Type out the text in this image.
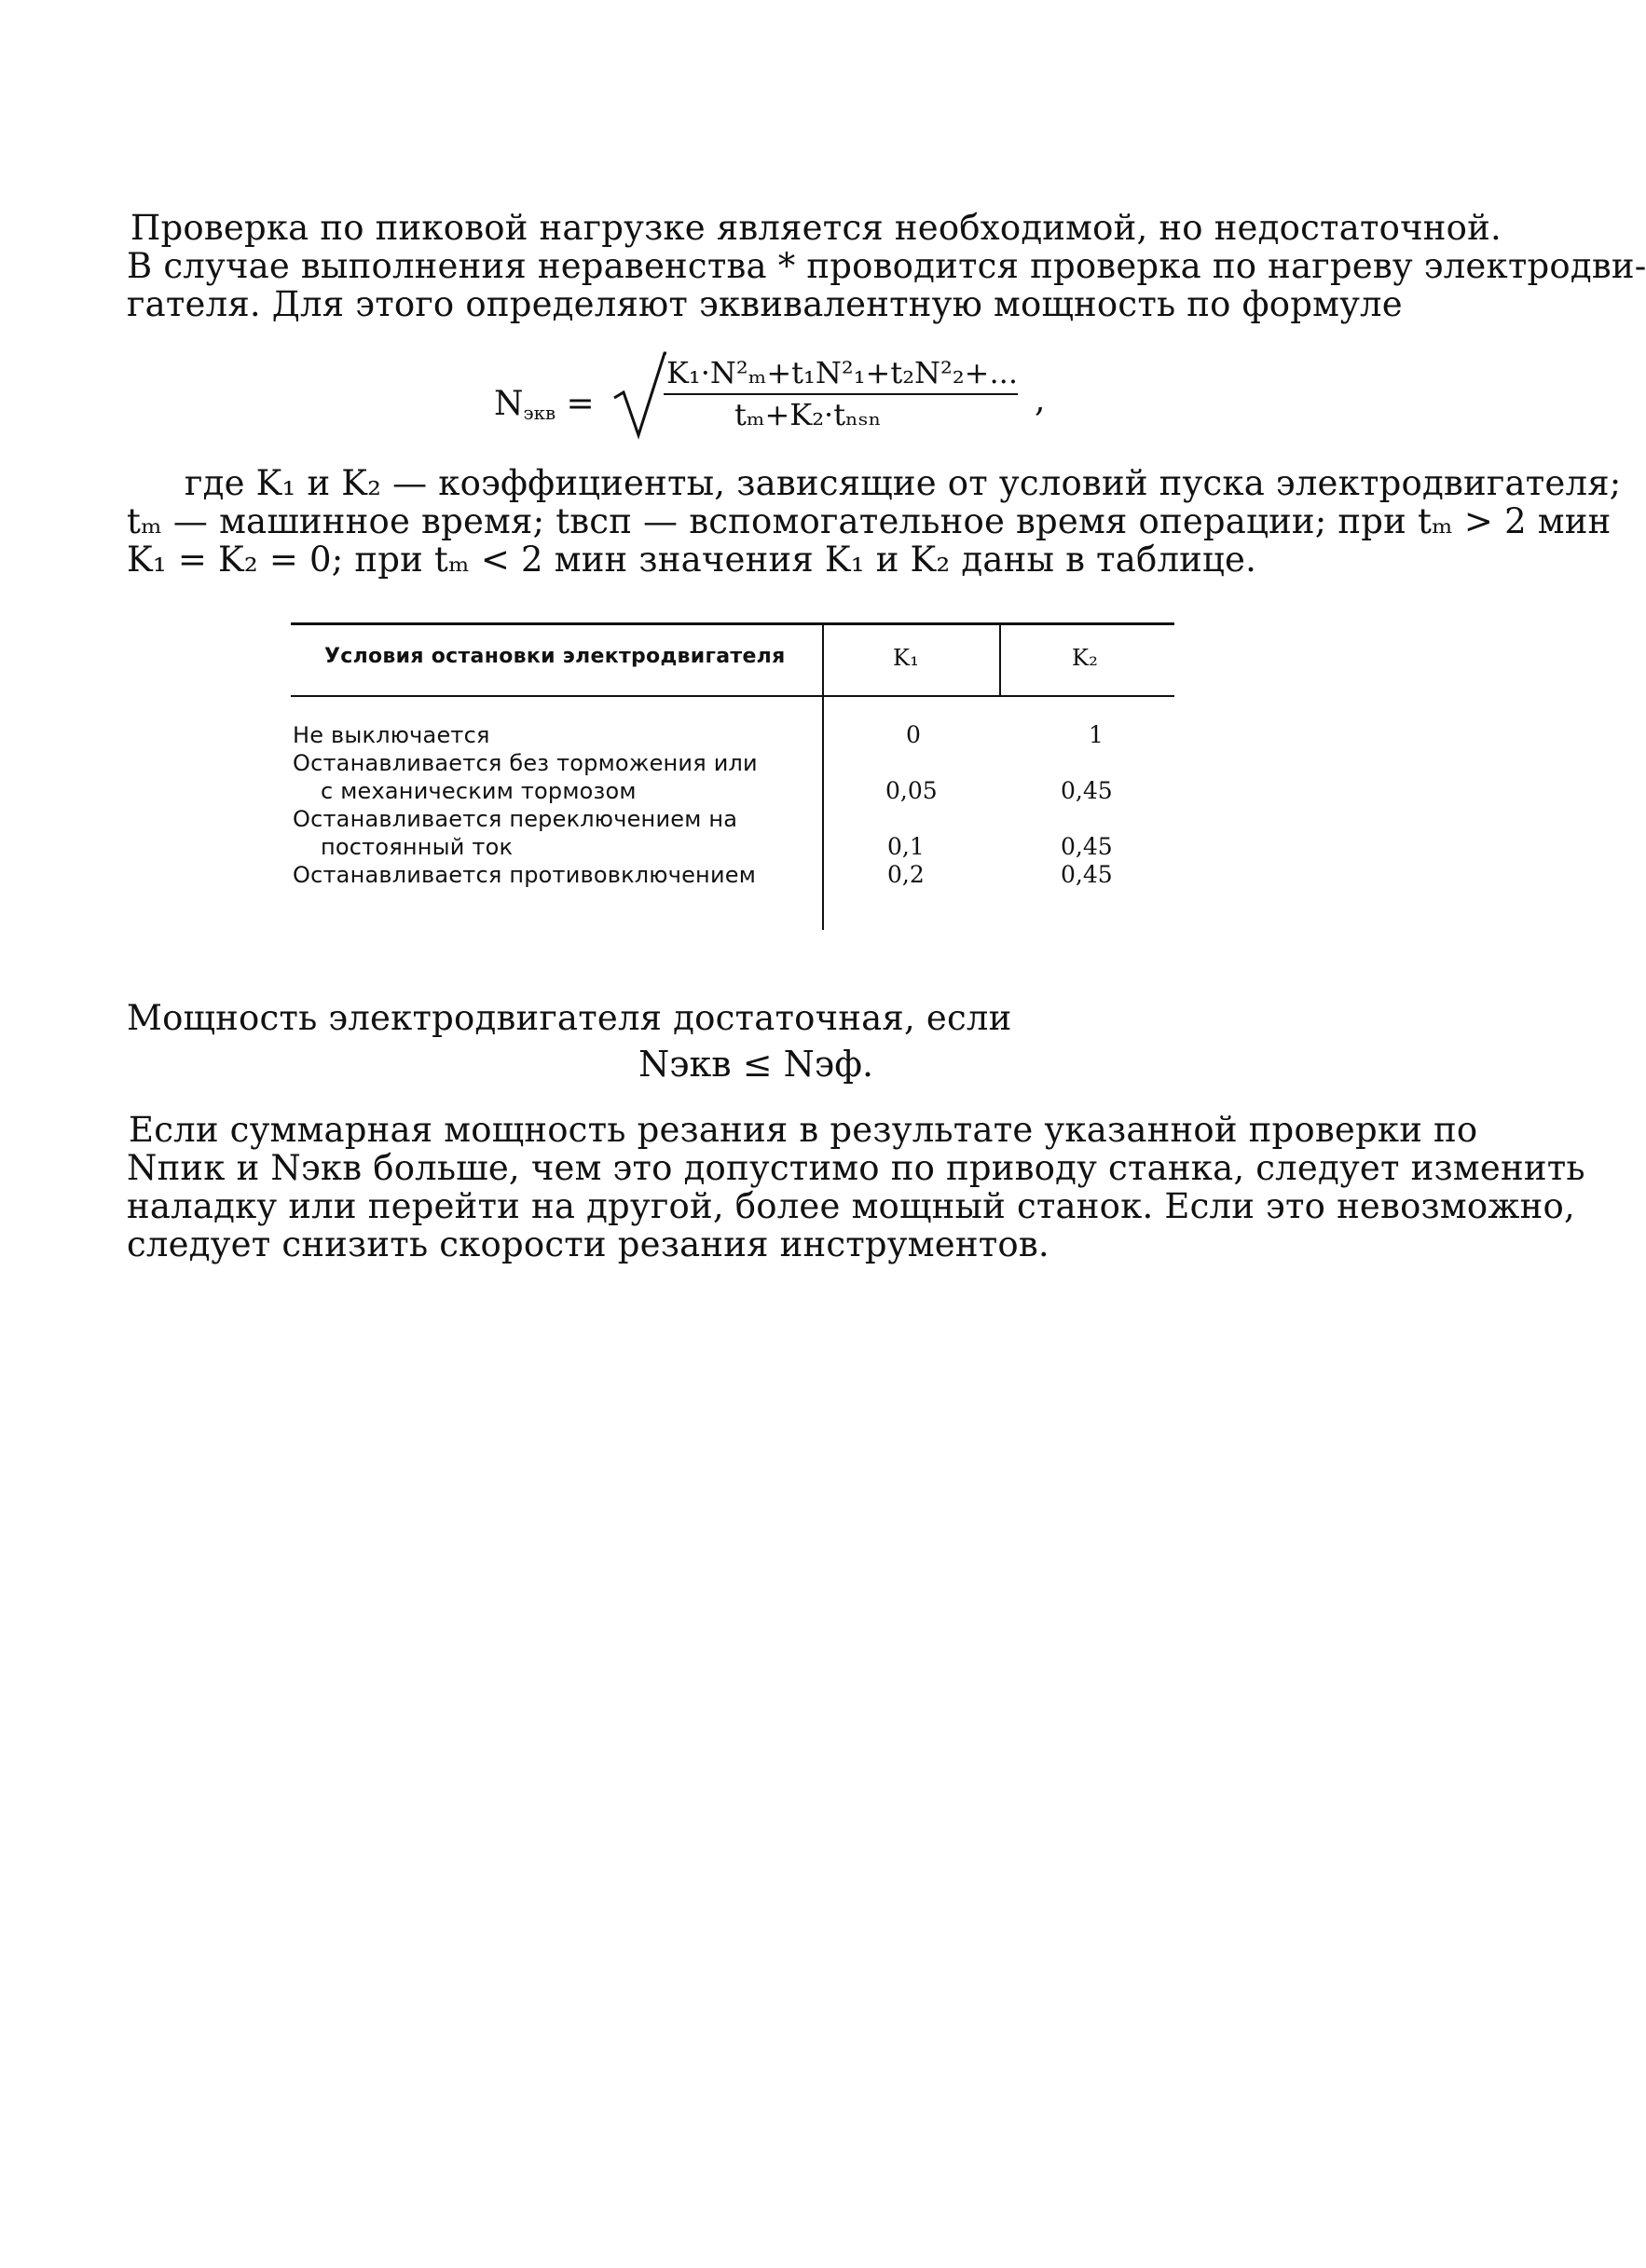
Проверка по пиковой нагрузке является необходимой, но недостаточной.
В случае выполнения неравенства * проводится проверка по нагреву электродви-
гателя. Для этого определяют эквивалентную мощность по формуле
$N_{экв}$ =
K₁·N²ₘ+t₁N²₁+t₂N²₂+...
tₘ+K₂·tₙₛₙ	,
где K₁ и K₂ — коэффициенты, зависящие от условий пуска электродвигателя;
tₘ — машинное время; tвсп — вспомогательное время операции; при tₘ > 2 мин
K₁ = K₂ = 0; при tₘ < 2 мин значения K₁ и K₂ даны в таблице.
Условия остановки электродвигателя	K₁	K₂
Не выключается	0	1
Останавливается без торможения или
с механическим тормозом	0,05	0,45
Останавливается переключением на
постоянный ток	0,1	0,45
Останавливается противовключением	0,2	0,45
Мощность электродвигателя достаточная, если
Nэкв ≤ Nэф.
Если суммарная мощность резания в результате указанной проверки по
Nпик и Nэкв больше, чем это допустимо по приводу станка, следует изменить
наладку или перейти на другой, более мощный станок. Если это невозможно,
следует снизить скорости резания инструментов.
